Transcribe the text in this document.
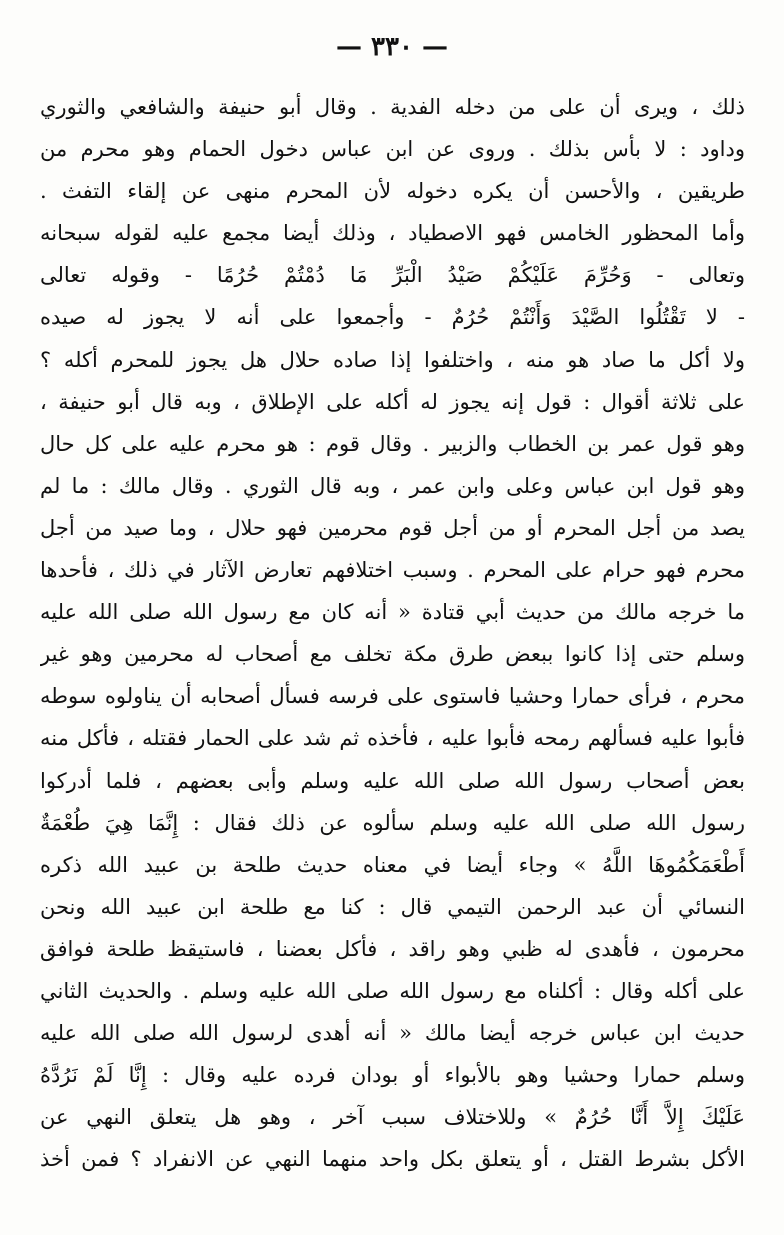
— ٣٣٠ —
ذلك ، ويرى أن على من دخله الفدية . وقال أبو حنيفة والشافعي والثوري
وداود : لا بأس بذلك . وروى عن ابن عباس دخول الحمام وهو محرم من
طريقين ، والأحسن أن يكره دخوله لأن المحرم منهى عن إلقاء التفث .
وأما المحظور الخامس فهو الاصطياد ، وذلك أيضا مجمع عليه لقوله سبحانه
وتعالى - وَحُرِّمَ عَلَيْكُمْ صَيْدُ الْبَرِّ مَا دُمْتُمْ حُرُمًا - وقوله تعالى
- لا تَقْتُلُوا الصَّيْدَ وَأَنْتُمْ حُرُمٌ - وأجمعوا على أنه لا يجوز له صيده
ولا أكل ما صاد هو منه ، واختلفوا إذا صاده حلال هل يجوز للمحرم أكله ؟
على ثلاثة أقوال : قول إنه يجوز له أكله على الإطلاق ، وبه قال أبو حنيفة ،
وهو قول عمر بن الخطاب والزبير . وقال قوم : هو محرم عليه على كل حال
وهو قول ابن عباس وعلى وابن عمر ، وبه قال الثوري . وقال مالك : ما لم
يصد من أجل المحرم أو من أجل قوم محرمين فهو حلال ، وما صيد من أجل
محرم فهو حرام على المحرم . وسبب اختلافهم تعارض الآثار في ذلك ، فأحدها
ما خرجه مالك من حديث أبي قتادة « أنه كان مع رسول الله صلى الله عليه
وسلم حتى إذا كانوا ببعض طرق مكة تخلف مع أصحاب له محرمين وهو غير
محرم ، فرأى حمارا وحشيا فاستوى على فرسه فسأل أصحابه أن يناولوه سوطه
فأبوا عليه فسألهم رمحه فأبوا عليه ، فأخذه ثم شد على الحمار فقتله ، فأكل منه
بعض أصحاب رسول الله صلى الله عليه وسلم وأبى بعضهم ، فلما أدركوا
رسول الله صلى الله عليه وسلم سألوه عن ذلك فقال : إِنَّمَا هِيَ طُعْمَةٌ
أَطْعَمَكُمُوهَا اللَّهُ » وجاء أيضا في معناه حديث طلحة بن عبيد الله ذكره
النسائي أن عبد الرحمن التيمي قال : كنا مع طلحة ابن عبيد الله ونحن
محرمون ، فأهدى له ظبي وهو راقد ، فأكل بعضنا ، فاستيقظ طلحة فوافق
على أكله وقال : أكلناه مع رسول الله صلى الله عليه وسلم . والحديث الثاني
حديث ابن عباس خرجه أيضا مالك « أنه أهدى لرسول الله صلى الله عليه
وسلم حمارا وحشيا وهو بالأبواء أو بودان فرده عليه وقال : إِنَّا لَمْ نَرُدَّهُ
عَلَيْكَ إِلاَّ أَنَّا حُرُمٌ » وللاختلاف سبب آخر ، وهو هل يتعلق النهي عن
الأكل بشرط القتل ، أو يتعلق بكل واحد منهما النهي عن الانفراد ؟ فمن أخذ
